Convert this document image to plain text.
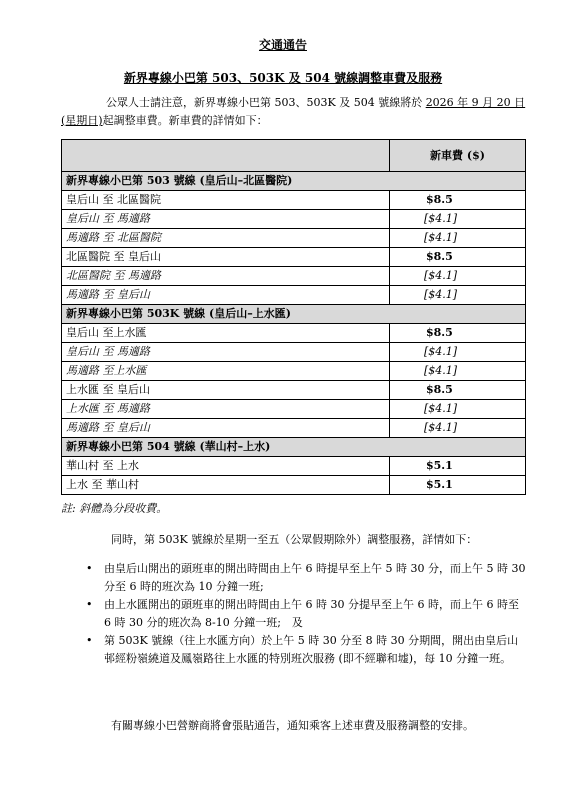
交通通告
新界專線小巴第 503、503K 及 504 號線調整車費及服務
公眾人士請注意，新界專線小巴第 503、503K 及 504 號線將於 2026 年 9 月 20 日(星期日)起調整車費。新車費的詳情如下：
	新車費 ($)
新界專線小巴第 503 號線 (皇后山–北區醫院)	
皇后山 至 北區醫院	$8.5
皇后山 至 馬適路	[$4.1]
馬適路 至 北區醫院	[$4.1]
北區醫院 至 皇后山	$8.5
北區醫院 至 馬適路	[$4.1]
馬適路 至 皇后山	[$4.1]
新界專線小巴第 503K 號線 (皇后山–上水匯)	
皇后山 至上水匯	$8.5
皇后山 至 馬適路	[$4.1]
馬適路 至上水匯	[$4.1]
上水匯 至 皇后山	$8.5
上水匯 至 馬適路	[$4.1]
馬適路 至 皇后山	[$4.1]
新界專線小巴第 504 號線 (華山村–上水)	
華山村 至 上水	$5.1
上水 至 華山村	$5.1
註: 斜體為分段收費。
同時，第 503K 號線於星期一至五（公眾假期除外）調整服務，詳情如下：
• 由皇后山開出的頭班車的開出時間由上午 6 時提早至上午 5 時 30 分，而上午 5 時 30 分至 6 時的班次為 10 分鐘一班;
• 由上水匯開出的頭班車的開出時間由上午 6 時 30 分提早至上午 6 時，而上午 6 時至 6 時 30 分的班次為 8-10 分鐘一班;　及
• 第 503K 號線（往上水匯方向）於上午 5 時 30 分至 8 時 30 分期間，開出由皇后山邨經粉嶺繞道及鳳嶺路往上水匯的特別班次服務 (即不經聯和墟)，每 10 分鐘一班。
有關專線小巴營辦商將會張貼通告，通知乘客上述車費及服務調整的安排。
